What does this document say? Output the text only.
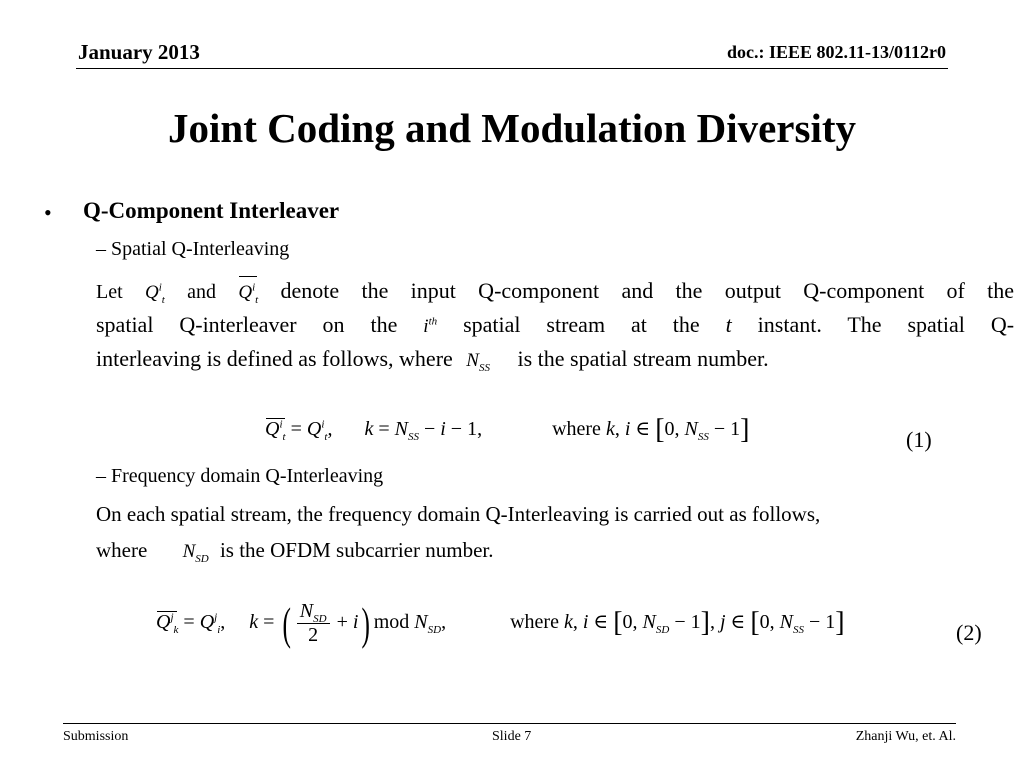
January 2013	doc.: IEEE 802.11-13/0112r0
Joint Coding and Modulation Diversity
• Q-Component Interleaver
– Spatial Q-Interleaving
Let $Q^i_t$ and $Q^i_t$ denote the input Q-component and the output Q-component of the
spatial Q-interleaver on the $i^{th}$ spatial stream at the t instant. The spatial Q-
interleaving is defined as follows, where $N_{SS}$ is the spatial stream number.
$Q^i_t = Q^i_t$,  $k = N_{SS} - i - 1$,	where k, i ∈ [0, $N_{SS} - 1$]	(1)
– Frequency domain Q-Interleaving
On each spatial stream, the frequency domain Q-Interleaving is carried out as follows,
where $N_{SD}$ is the OFDM subcarrier number.
$Q^j_k = Q^j_i$,  k = ( $\frac{N_{SD}}{2} + i$) mod $N_{SD}$,	where k, i ∈ [0, $N_{SD} - 1$], j ∈ [0, $N_{SS} - 1$]	(2)
Submission	Slide 7	Zhanji Wu, et. Al.
